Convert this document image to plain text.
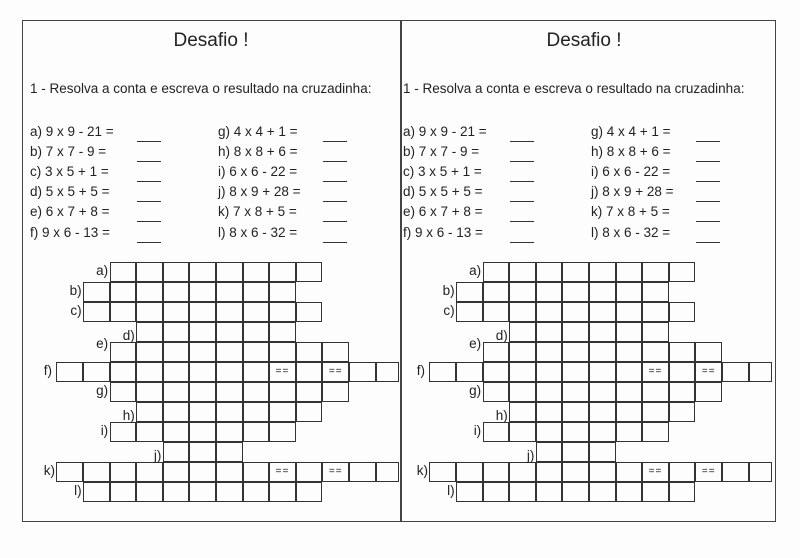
Desafio !
1 - Resolva a conta e escreva o resultado na cruzadinha:
a) 9 x 9 - 21 =
b) 7 x 7 - 9 =
c) 3 x 5 + 1 =
d) 5 x 5 + 5 =
e) 6 x 7 + 8 =
f) 9 x 6 - 13 =
g) 4 x 4 + 1 =
h) 8 x 8 + 6 =
i) 6 x 6 - 22 =
j) 8 x 9 + 28 =
k) 7 x 8 + 5 =
l) 8 x 6 - 32 =
==	==
==	==
a)
b)
c)
d)
e)
f)
g)
h)
i)
j)
k)
l)
Desafio !
1 - Resolva a conta e escreva o resultado na cruzadinha:
a) 9 x 9 - 21 =
b) 7 x 7 - 9 =
c) 3 x 5 + 1 =
d) 5 x 5 + 5 =
e) 6 x 7 + 8 =
f) 9 x 6 - 13 =
g) 4 x 4 + 1 =
h) 8 x 8 + 6 =
i) 6 x 6 - 22 =
j) 8 x 9 + 28 =
k) 7 x 8 + 5 =
l) 8 x 6 - 32 =
==	==
==	==
a)
b)
c)
d)
e)
f)
g)
h)
i)
j)
k)
l)
